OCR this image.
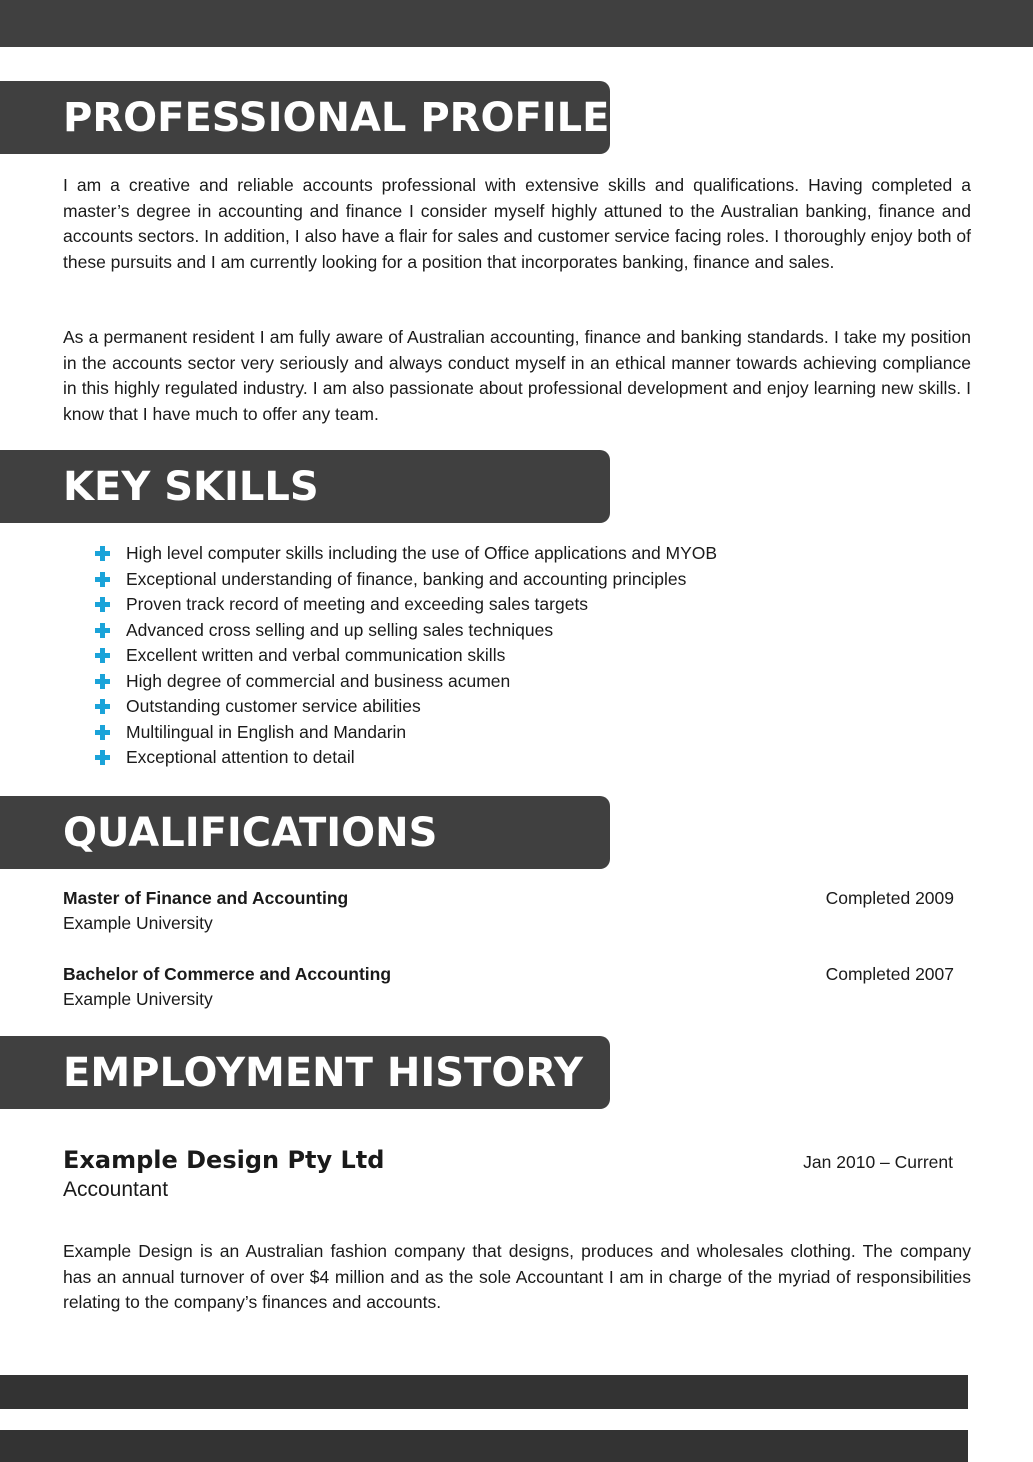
PROFESSIONAL PROFILE

I am a creative and reliable accounts professional with extensive skills and qualifications. Having completed a master’s degree in accounting and finance I consider myself highly attuned to the Australian banking, finance and accounts sectors. In addition, I also have a flair for sales and customer service facing roles. I thoroughly enjoy both of these pursuits and I am currently looking for a position that incorporates banking, finance and sales.

As a permanent resident I am fully aware of Australian accounting, finance and banking standards. I take my position in the accounts sector very seriously and always conduct myself in an ethical manner towards achieving compliance in this highly regulated industry. I am also passionate about professional development and enjoy learning new skills. I know that I have much to offer any team.

KEY SKILLS
High level computer skills including the use of Office applications and MYOB
Exceptional understanding of finance, banking and accounting principles
Proven track record of meeting and exceeding sales targets
Advanced cross selling and up selling sales techniques
Excellent written and verbal communication skills
High degree of commercial and business acumen
Outstanding customer service abilities
Multilingual in English and Mandarin
Exceptional attention to detail
QUALIFICATIONS
Master of Finance and Accounting	Completed 2009
Example University
Bachelor of Commerce and Accounting	Completed 2007
Example University
EMPLOYMENT HISTORY
Example Design Pty Ltd	Jan 2010 – Current
Accountant

Example Design is an Australian fashion company that designs, produces and wholesales clothing. The company has an annual turnover of over $4 million and as the sole Accountant I am in charge of the myriad of responsibilities relating to the company’s finances and accounts.
